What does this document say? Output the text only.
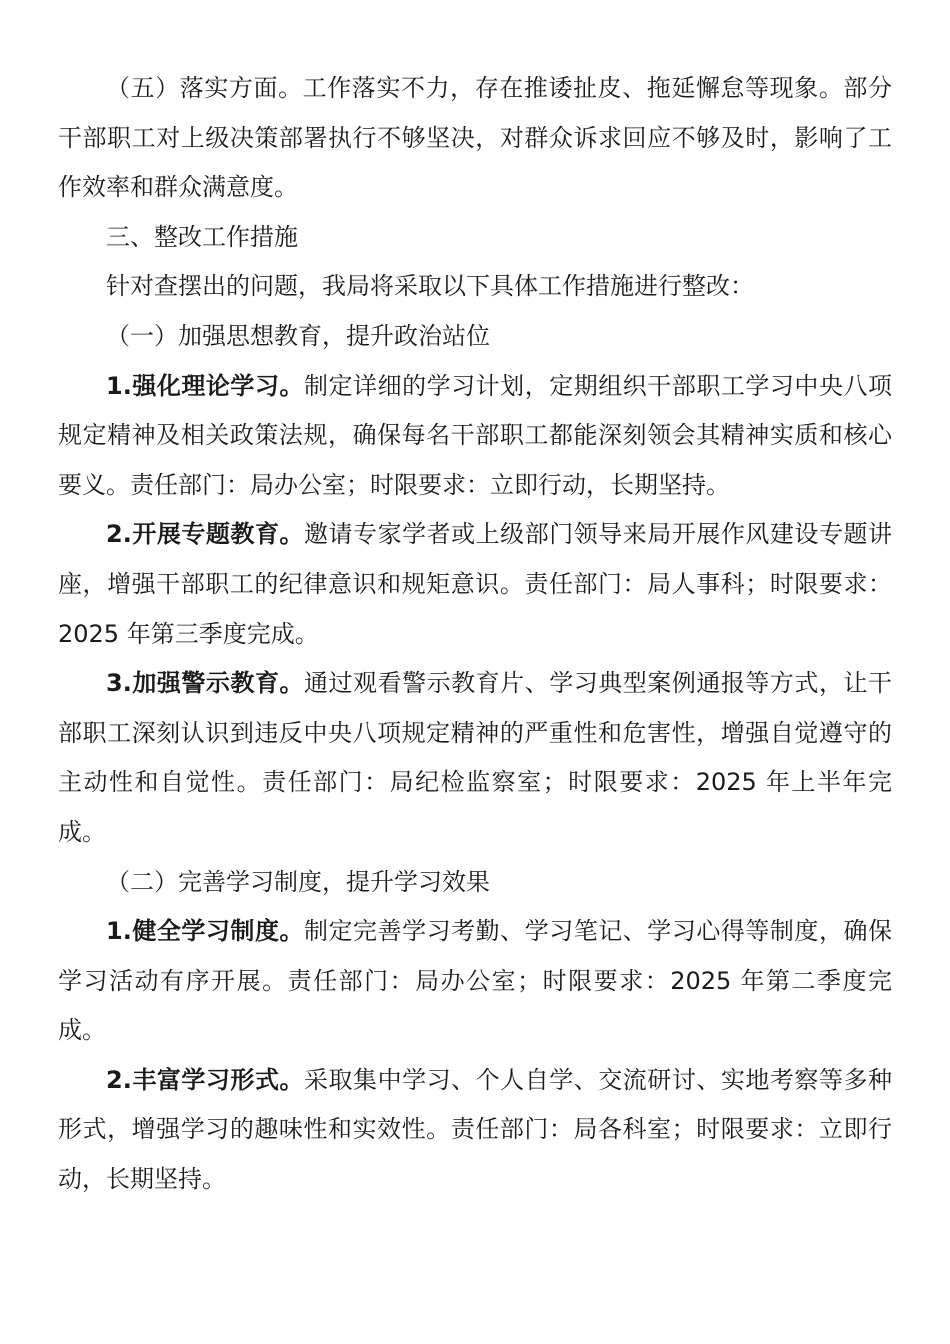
（五）落实方面。工作落实不力，存在推诿扯皮、拖延懈怠等现象。部分干部职工对上级决策部署执行不够坚决，对群众诉求回应不够及时，影响了工作效率和群众满意度。

三、整改工作措施

针对查摆出的问题，我局将采取以下具体工作措施进行整改：

（一）加强思想教育，提升政治站位

1.强化理论学习。制定详细的学习计划，定期组织干部职工学习中央八项规定精神及相关政策法规，确保每名干部职工都能深刻领会其精神实质和核心要义。责任部门：局办公室；时限要求：立即行动，长期坚持。

2.开展专题教育。邀请专家学者或上级部门领导来局开展作风建设专题讲座，增强干部职工的纪律意识和规矩意识。责任部门：局人事科；时限要求：2025 年第三季度完成。

3.加强警示教育。通过观看警示教育片、学习典型案例通报等方式，让干部职工深刻认识到违反中央八项规定精神的严重性和危害性，增强自觉遵守的主动性和自觉性。责任部门：局纪检监察室；时限要求：2025 年上半年完成。

（二）完善学习制度，提升学习效果

1.健全学习制度。制定完善学习考勤、学习笔记、学习心得等制度，确保学习活动有序开展。责任部门：局办公室；时限要求：2025 年第二季度完成。

2.丰富学习形式。采取集中学习、个人自学、交流研讨、实地考察等多种形式，增强学习的趣味性和实效性。责任部门：局各科室；时限要求：立即行动，长期坚持。
